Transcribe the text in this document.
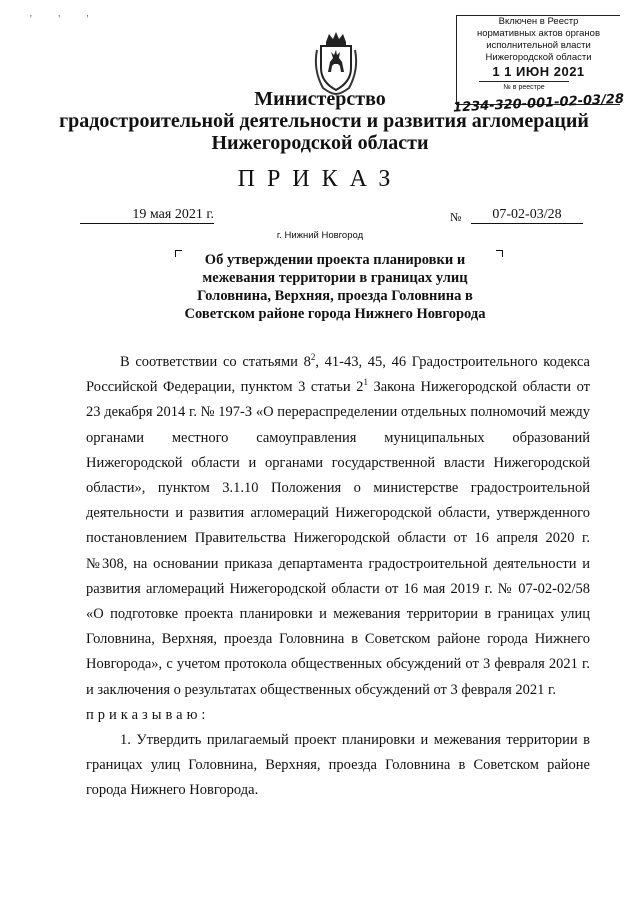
' ' '	Включен в Реестр
нормативных актов органов
исполнительной власти
Нижегородской области
1 1 ИЮН 2021
№ в реестре
1234-320-001-02-03/28
Министерство
градостроительной деятельности и развития агломераций
Нижегородской области
ПРИКАЗ
19 мая 2021 г.	№	07-02-03/28
г. Нижний Новгород
Об утверждении проекта планировки и
межевания территории в границах улиц
Головнина, Верхняя, проезда Головнина в
Советском районе города Нижнего Новгорода

В соответствии со статьями $8^2$, 41-43, 45, 46 Градостроительного кодекса Российской Федерации, пунктом 3 статьи $2^1$ Закона Нижегородской области от 23 декабря 2014 г. № 197-З «О перераспределении отдельных полномочий между органами местного самоуправления муниципальных образований Нижегородской области и органами государственной власти Нижегородской области», пунктом 3.1.10 Положения о министерстве градостроительной деятельности и развития агломераций Нижегородской области, утвержденного постановлением Правительства Нижегородской области от 16 апреля 2020 г. №308, на основании приказа департамента градостроительной деятельности и развития агломераций Нижегородской области от 16 мая 2019 г. № 07-02-02/58 «О подготовке проекта планировки и межевания территории в границах улиц Головнина, Верхняя, проезда Головнина в Советском районе города Нижнего Новгорода», с учетом протокола общественных обсуждений от 3 февраля 2021 г. и заключения о результатах общественных обсуждений от 3 февраля 2021 г.

приказываю:

1. Утвердить прилагаемый проект планировки и межевания территории в границах улиц Головнина, Верхняя, проезда Головнина в Советском районе города Нижнего Новгорода.
